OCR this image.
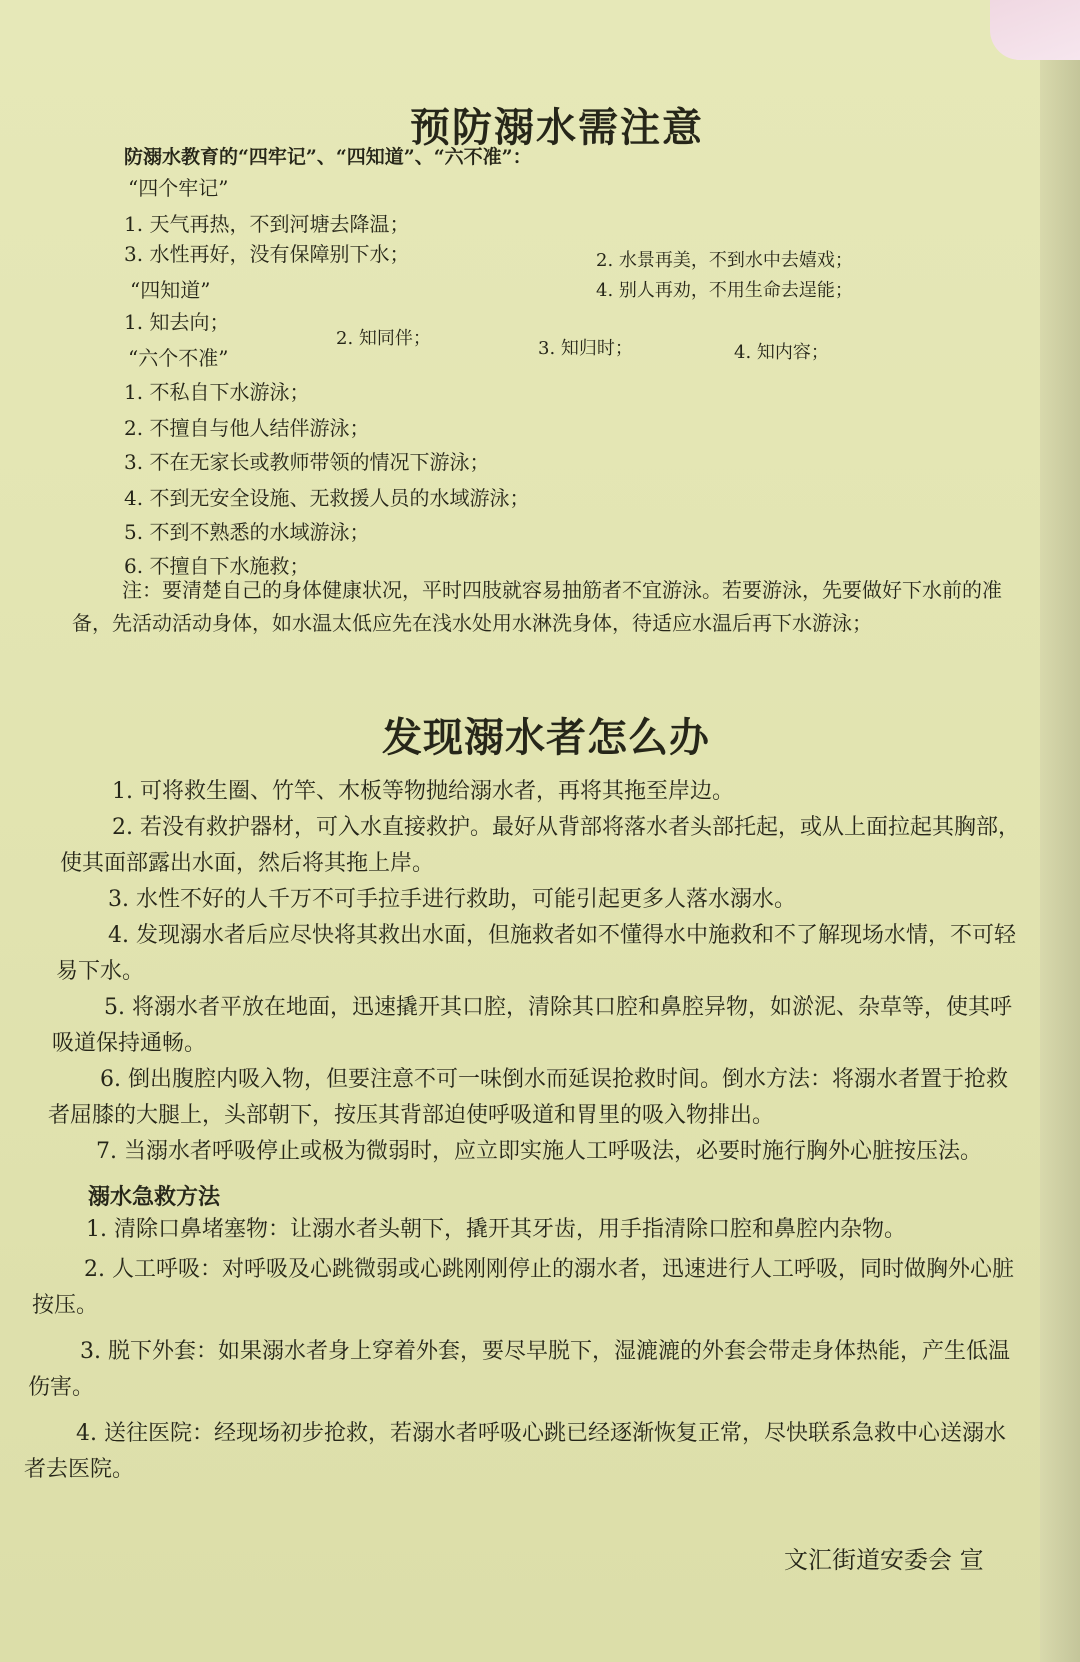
预防溺水需注意

防溺水教育的“四牢记”、“四知道”、“六不准”：

“四个牢记”

1. 天气再热，不到河塘去降温；

2. 水景再美，不到水中去嬉戏；

3. 水性再好，没有保障别下水；

4. 别人再劝，不用生命去逞能；

“四知道”

1. 知去向；

2. 知同伴；	3. 知归时；	4. 知内容；

“六个不准”

1. 不私自下水游泳；

2. 不擅自与他人结伴游泳；

3. 不在无家长或教师带领的情况下游泳；

4. 不到无安全设施、无救援人员的水域游泳；

5. 不到不熟悉的水域游泳；

6. 不擅自下水施救；

注：要清楚自己的身体健康状况，平时四肢就容易抽筋者不宜游泳。若要游泳，先要做好下水前的准备，先活动活动身体，如水温太低应先在浅水处用水淋洗身体，待适应水温后再下水游泳；

发现溺水者怎么办

1. 可将救生圈、竹竿、木板等物抛给溺水者，再将其拖至岸边。

2. 若没有救护器材，可入水直接救护。最好从背部将落水者头部托起，或从上面拉起其胸部，使其面部露出水面，然后将其拖上岸。

3. 水性不好的人千万不可手拉手进行救助，可能引起更多人落水溺水。

4. 发现溺水者后应尽快将其救出水面，但施救者如不懂得水中施救和不了解现场水情，不可轻易下水。

5. 将溺水者平放在地面，迅速撬开其口腔，清除其口腔和鼻腔异物，如淤泥、杂草等，使其呼吸道保持通畅。

6. 倒出腹腔内吸入物，但要注意不可一味倒水而延误抢救时间。倒水方法：将溺水者置于抢救者屈膝的大腿上，头部朝下，按压其背部迫使呼吸道和胃里的吸入物排出。

7. 当溺水者呼吸停止或极为微弱时，应立即实施人工呼吸法，必要时施行胸外心脏按压法。

溺水急救方法

1. 清除口鼻堵塞物：让溺水者头朝下，撬开其牙齿，用手指清除口腔和鼻腔内杂物。

2. 人工呼吸：对呼吸及心跳微弱或心跳刚刚停止的溺水者，迅速进行人工呼吸，同时做胸外心脏按压。

3. 脱下外套：如果溺水者身上穿着外套，要尽早脱下，湿漉漉的外套会带走身体热能，产生低温伤害。

4. 送往医院：经现场初步抢救，若溺水者呼吸心跳已经逐渐恢复正常，尽快联系急救中心送溺水者去医院。

文汇街道安委会 宣
